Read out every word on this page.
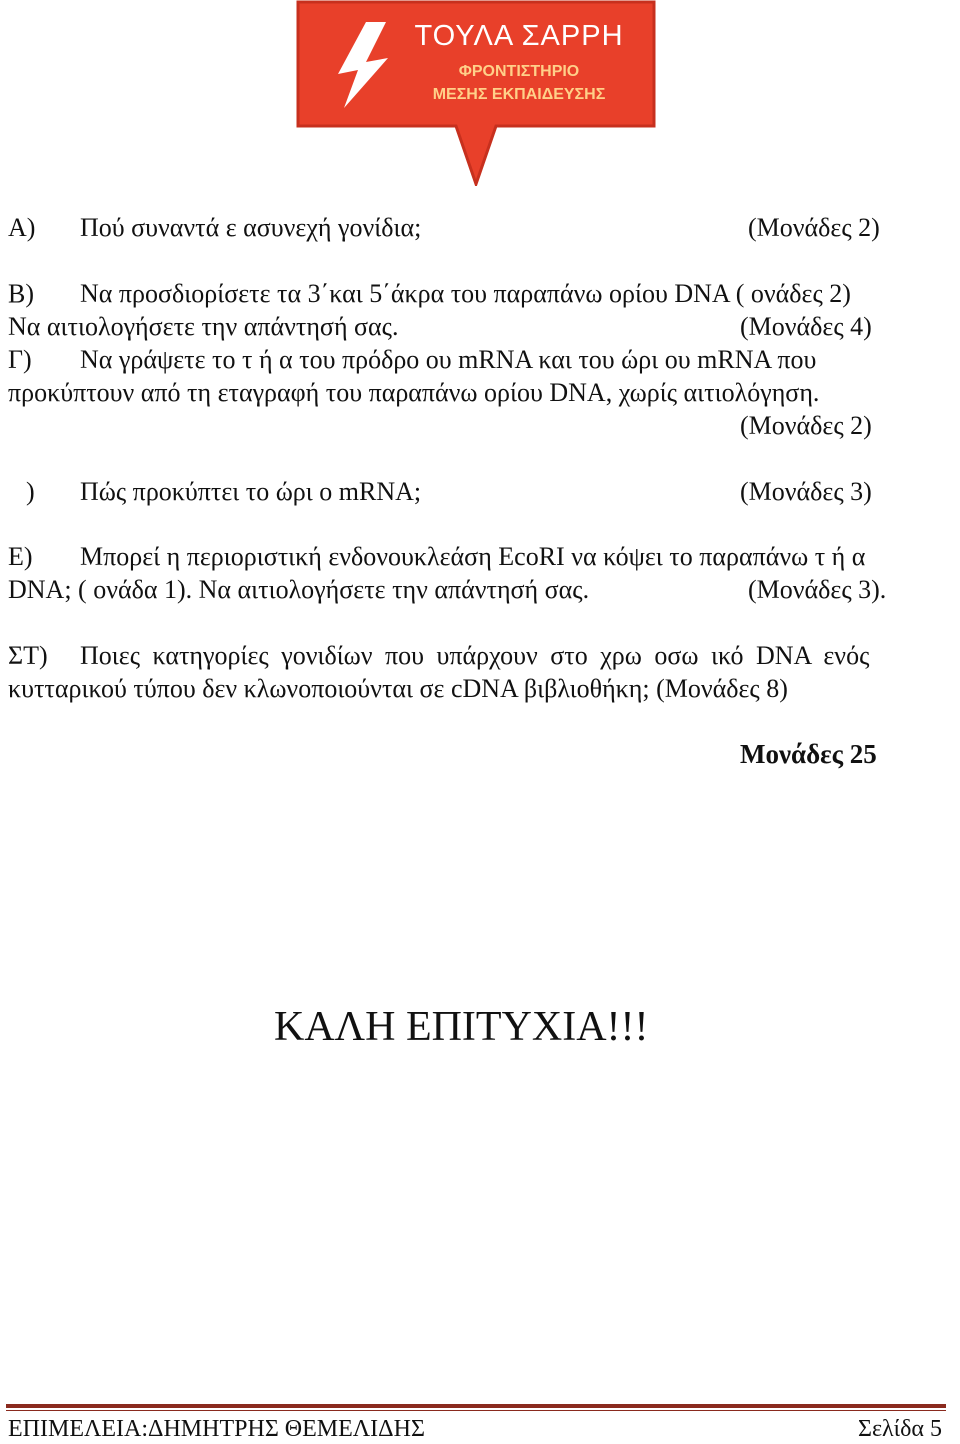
ΤΟΥΛΑ ΣΑΡΡΗ
ΦΡΟΝΤΙΣΤΗΡΙΟ
ΜΕΣΗΣ ΕΚΠΑΙΔΕΥΣΗΣ
Α) Πού συναντά ε ασυνεχή γονίδια;	(Μονάδες 2)
Β) Να προσδιορίσετε τα 3΄και 5΄άκρα του παραπάνω ορίου DNA ( ονάδες 2)
Να αιτιολογήσετε την απάντησή σας.	(Μονάδες 4)
Γ) Να γράψετε το τ ή α του πρόδρο ου mRNA και του ώρι ου mRNA που
προκύπτουν από τη εταγραφή του παραπάνω ορίου DNA, χωρίς αιτιολόγηση.
(Μονάδες 2)
) Πώς προκύπτει το ώρι ο mRNA;	(Μονάδες 3)
Ε) Μπορεί η περιοριστική ενδονουκλεάση EcoRI να κόψει το παραπάνω τ ή α
DNA; ( ονάδα 1). Να αιτιολογήσετε την απάντησή σας.	(Μονάδες 3).
ΣΤ) Ποιες κατηγορίες γονιδίων που υπάρχουν στο χρω οσω ικό DNA ενός
κυτταρικού τύπου δεν κλωνοποιούνται σε cDNA βιβλιοθήκη; (Μονάδες 8)
Μονάδες 25
ΚΑΛΗ ΕΠΙΤΥΧΙΑ!!!
ΕΠΙΜΕΛΕΙΑ:ΔΗΜΗΤΡΗΣ ΘΕΜΕΛΙΔΗΣ	Σελίδα 5
